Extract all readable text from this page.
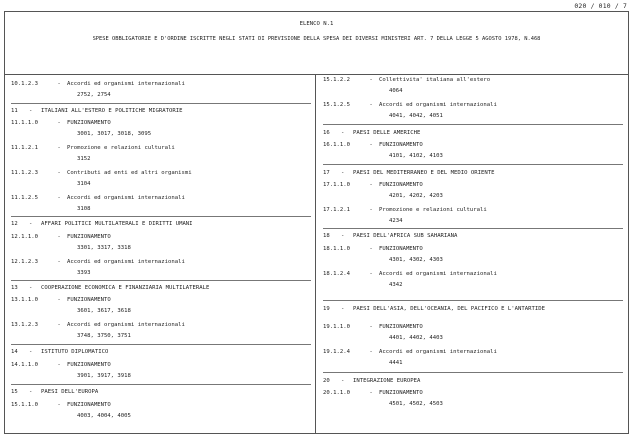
020 / 010 / 7
ELENCO N.1
SPESE OBBLIGATORIE E D'ORDINE ISCRITTE NEGLI STATI DI PREVISIONE DELLA SPESA DEI DIVERSI MINISTERI ART. 7 DELLA LEGGE 5 AGOSTO 1978, N.468
10.1.2.3	- Accordi ed organismi internazionali
2752, 2754
11 - ITALIANI ALL'ESTERO E POLITICHE MIGRATORIE
11.1.1.0	- FUNZIONAMENTO
3001, 3017, 3018, 3095
11.1.2.1	- Promozione e relazioni culturali
3152
11.1.2.3	- Contributi ad enti ed altri organismi
3104
11.1.2.5	- Accordi ed organismi internazionali
3108
12 - AFFARI POLITICI MULTILATERALI E DIRITTI UMANI
12.1.1.0	- FUNZIONAMENTO
3301, 3317, 3318
12.1.2.3	- Accordi ed organismi internazionali
3393
13 - COOPERAZIONE ECONOMICA E FINANZIARIA MULTILATERALE
13.1.1.0	- FUNZIONAMENTO
3601, 3617, 3618
13.1.2.3	- Accordi ed organismi internazionali
3748, 3750, 3751
14 - ISTITUTO DIPLOMATICO
14.1.1.0	- FUNZIONAMENTO
3901, 3917, 3918
15 - PAESI DELL'EUROPA
15.1.1.0	- FUNZIONAMENTO
4003, 4004, 4005
15.1.2.2	- Collettivita' italiana all'estero
4064
15.1.2.5	- Accordi ed organismi internazionali
4041, 4042, 4051
16 - PAESI DELLE AMERICHE
16.1.1.0	- FUNZIONAMENTO
4101, 4102, 4103
17 - PAESI DEL MEDITERRANEO E DEL MEDIO ORIENTE
17.1.1.0	- FUNZIONAMENTO
4201, 4202, 4203
17.1.2.1	- Promozione e relazioni culturali
4234
18 - PAESI DELL'AFRICA SUB SAHARIANA
18.1.1.0	- FUNZIONAMENTO
4301, 4302, 4303
18.1.2.4	- Accordi ed organismi internazionali
4342
19 - PAESI DELL'ASIA, DELL'OCEANIA, DEL PACIFICO E L'ANTARTIDE
19.1.1.0	- FUNZIONAMENTO
4401, 4402, 4403
19.1.2.4	- Accordi ed organismi internazionali
4441
20 - INTEGRAZIONE EUROPEA
20.1.1.0	- FUNZIONAMENTO
4501, 4502, 4503
